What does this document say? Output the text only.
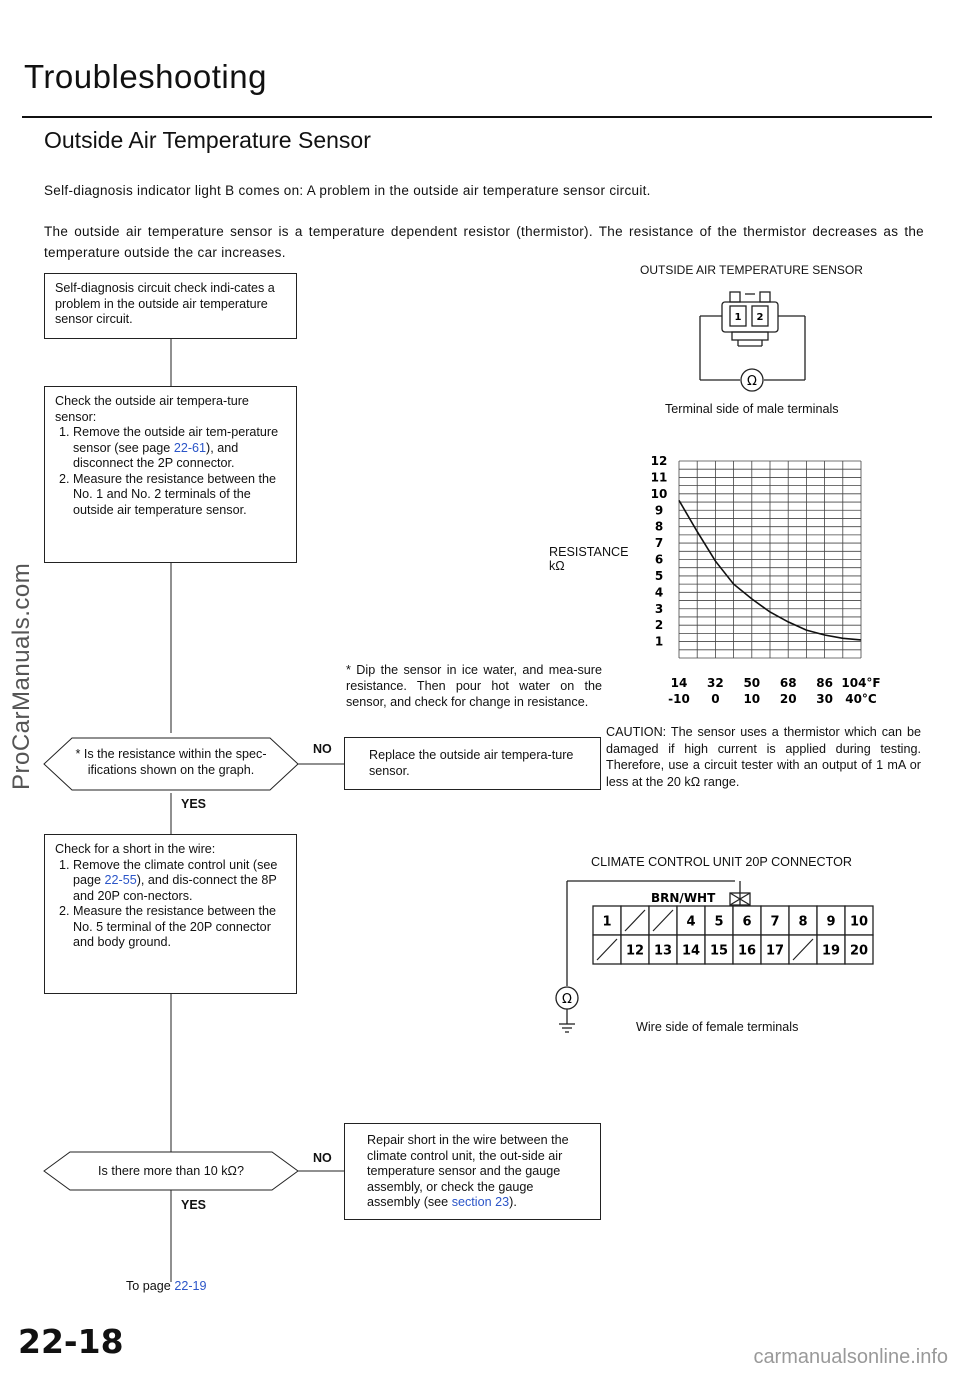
Troubleshooting
Outside Air Temperature Sensor
Self-diagnosis indicator light B comes on: A problem in the outside air temperature sensor circuit.
The outside air temperature sensor is a temperature dependent resistor (thermistor). The resistance of the thermistor decreases as the temperature outside the car increases.
Self-diagnosis circuit check indi-cates a problem in the outside air temperature sensor circuit.
Check the outside air tempera-ture sensor:
1. Remove the outside air tem-perature sensor (see page 22-61), and disconnect the 2P connector.
2. Measure the resistance between the No. 1 and No. 2 terminals of the outside air temperature sensor.
* Is the resistance within the spec-ifications shown on the graph.
NO
YES
Replace the outside air tempera-ture sensor.
* Dip the sensor in ice water, and mea-sure resistance. Then pour hot water on the sensor, and check for change in resistance.
Check for a short in the wire:
1. Remove the climate control unit (see page 22-55), and dis-connect the 8P and 20P con-nectors.
2. Measure the resistance between the No. 5 terminal of the 20P connector and body ground.
Is there more than 10 kΩ?
NO
YES
Repair short in the wire between the climate control unit, the out-side air temperature sensor and the gauge assembly, or check the gauge assembly (see section 23).
To page 22-19
OUTSIDE AIR TEMPERATURE SENSOR
1 2
Ω
Terminal side of male terminals
RESISTANCE
kΩ
12
11
10
9
8
7
6
5
4
3
2
1
14
-10
32
0
50
10
68
20
86
30
104°F
40°C
CAUTION: The sensor uses a thermistor which can be damaged if high current is applied during testing. Therefore, use a circuit tester with an output of 1 mA or less at the 20 kΩ range.
CLIMATE CONTROL UNIT 20P CONNECTOR
BRN/WHT
Ω
1	4 5 6 7 8 9 10
12 13 14 15 16 17	19 20
Wire side of female terminals
22-18
ProCarManuals.com
carmanualsonline.info
